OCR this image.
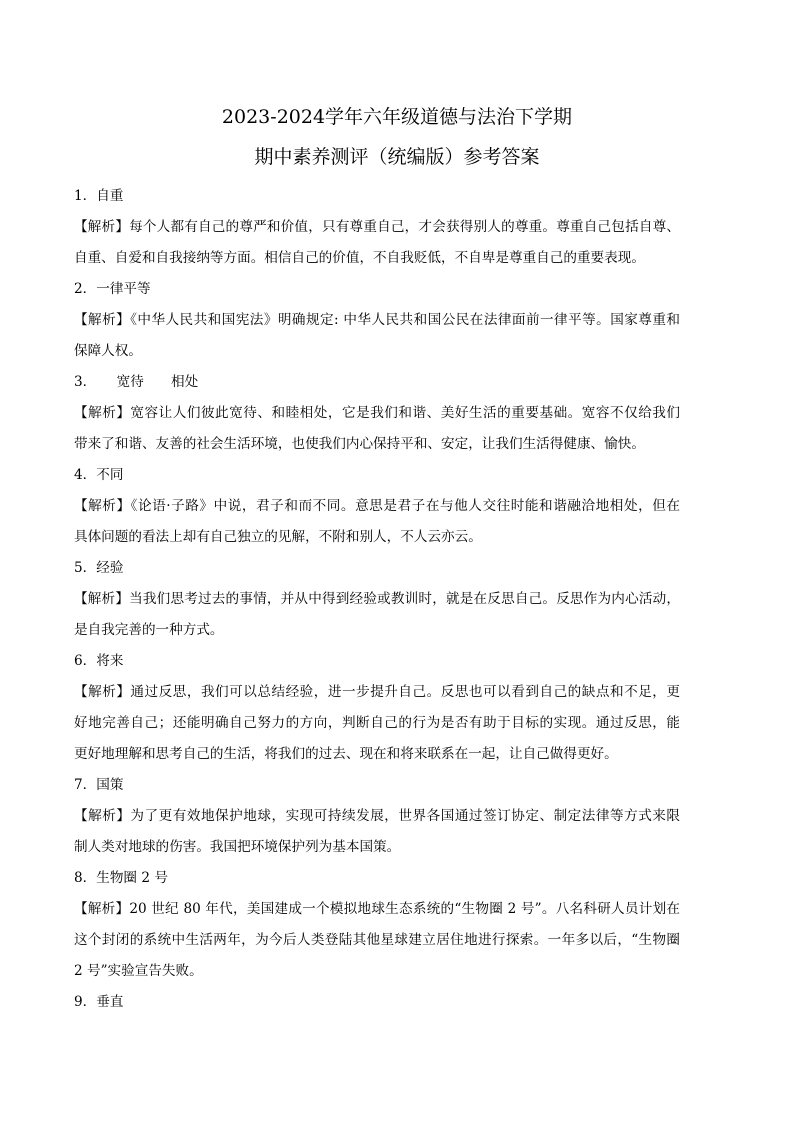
2023-2024学年六年级道德与法治下学期
期中素养测评（统编版）参考答案
1．自重
【解析】每个人都有自己的尊严和价值，只有尊重自己，才会获得别人的尊重。尊重自己包括自尊、
自重、自爱和自我接纳等方面。相信自己的价值，不自我贬低，不自卑是尊重自己的重要表现。
2．一律平等
【解析】《中华人民共和国宪法》明确规定: 中华人民共和国公民在法律面前一律平等。国家尊重和
保障人权。
3．　　宽待　　相处
【解析】宽容让人们彼此宽待、和睦相处，它是我们和谐、美好生活的重要基础。宽容不仅给我们
带来了和谐、友善的社会生活环境，也使我们内心保持平和、安定，让我们生活得健康、愉快。
4．不同
【解析】《论语·子路》中说，君子和而不同。意思是君子在与他人交往时能和谐融洽地相处，但在
具体问题的看法上却有自己独立的见解，不附和别人，不人云亦云。
5．经验
【解析】当我们思考过去的事情，并从中得到经验或教训时，就是在反思自己。反思作为内心活动，
是自我完善的一种方式。
6．将来
【解析】通过反思，我们可以总结经验，进一步提升自己。反思也可以看到自己的缺点和不足，更
好地完善自己；还能明确自己努力的方向，判断自己的行为是否有助于目标的实现。通过反思，能
更好地理解和思考自己的生活，将我们的过去、现在和将来联系在一起，让自己做得更好。
7．国策
【解析】为了更有效地保护地球，实现可持续发展，世界各国通过签订协定、制定法律等方式来限
制人类对地球的伤害。我国把环境保护列为基本国策。
8．生物圈 2 号
【解析】20 世纪 80 年代，美国建成一个模拟地球生态系统的“生物圈 2 号”。八名科研人员计划在
这个封闭的系统中生活两年，为今后人类登陆其他星球建立居住地进行探索。一年多以后，“生物圈
2 号”实验宣告失败。
9．垂直
